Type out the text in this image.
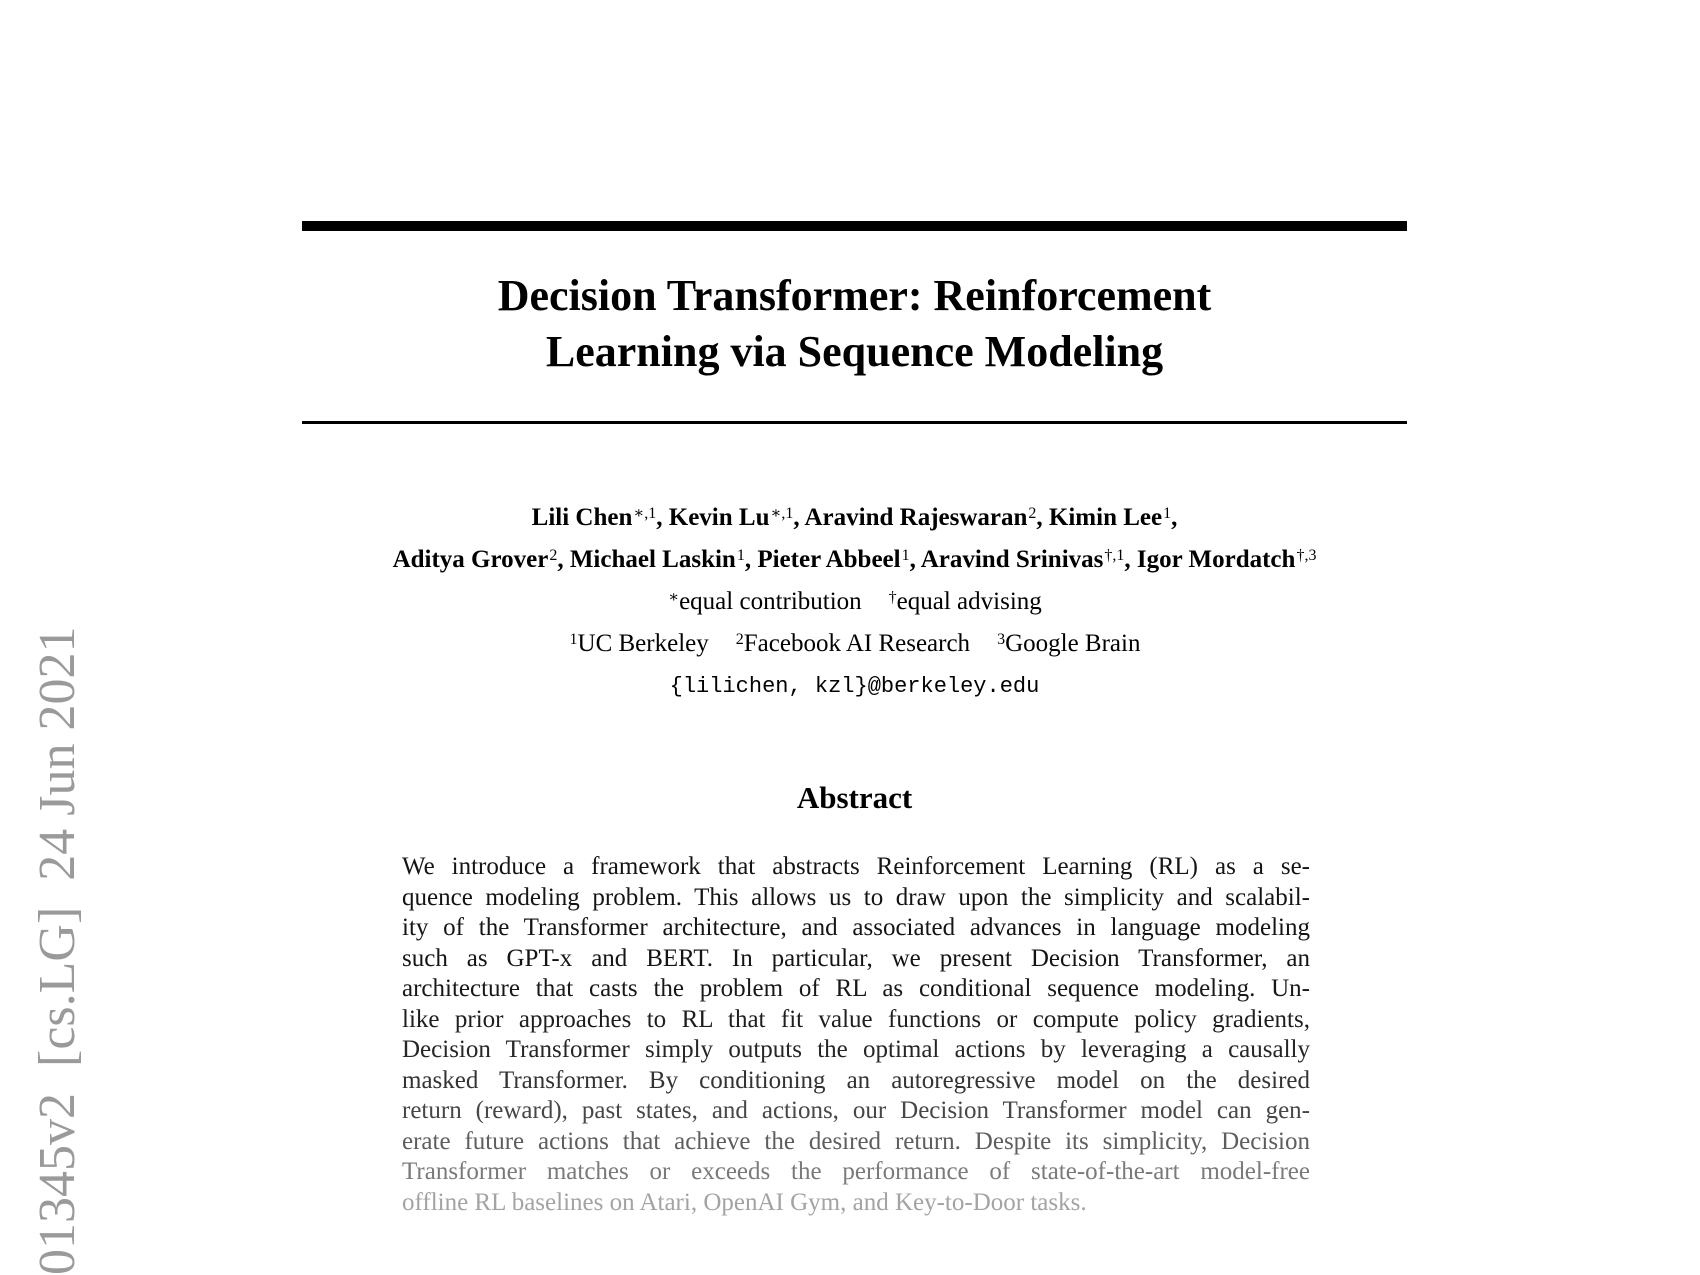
Decision Transformer: Reinforcement
Learning via Sequence Modeling
Lili Chen$^{∗,1}$, Kevin $Lu^{∗,1}$, Aravind Rajeswaran$^2$, Kimin Lee$^1$,
Aditya Grover$^2$, Michael Laskin$^1$, Pieter Abbeel$^1$, Aravind Srinivas$^{\dagger,1}$, Igor Mordatch$^{\dagger,3}$
∗equal contribution †equal advising
$^1$UC Berkeley $^2$Facebook AI Research $^3$Google Brain
{lilichen, kzl}@berkeley.edu
Abstract
We introduce a framework that abstracts Reinforcement Learning (RL) as a se-
quence modeling problem. This allows us to draw upon the simplicity and scalabil-
ity of the Transformer architecture, and associated advances in language modeling
such as GPT-x and BERT. In particular, we present Decision Transformer, an
architecture that casts the problem of RL as conditional sequence modeling. Un-
like prior approaches to RL that fit value functions or compute policy gradients,
Decision Transformer simply outputs the optimal actions by leveraging a causally
masked Transformer. By conditioning an autoregressive model on the desired
return (reward), past states, and actions, our Decision Transformer model can gen-
erate future actions that achieve the desired return. Despite its simplicity, Decision
Transformer matches or exceeds the performance of state-of-the-art model-free
offline RL baselines on Atari, OpenAI Gym, and Key-to-Door tasks.
01345v2[cs.LG]24 Jun 2021
